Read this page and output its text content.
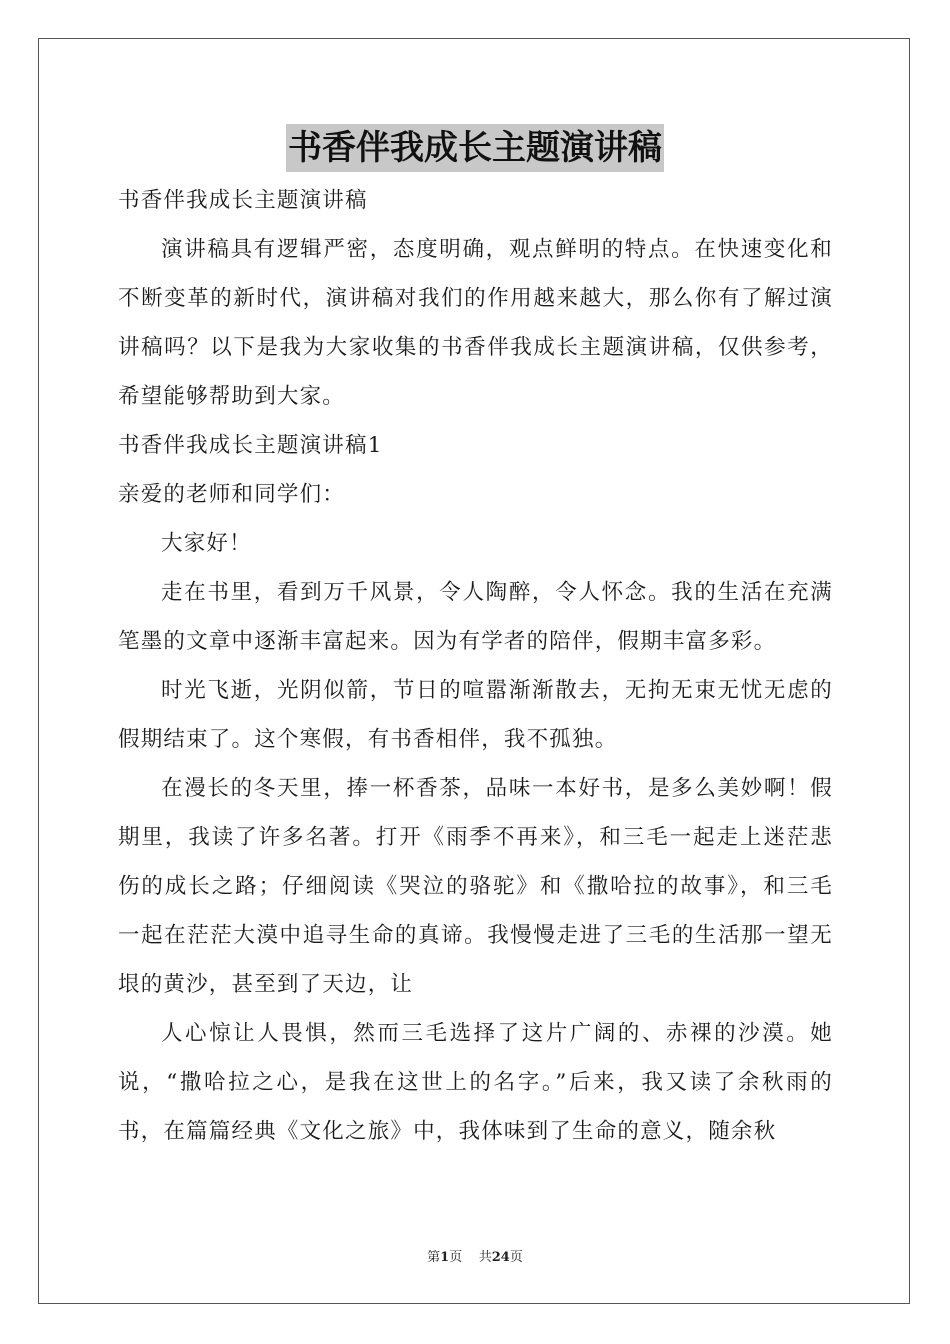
书香伴我成长主题演讲稿

书香伴我成长主题演讲稿

演讲稿具有逻辑严密，态度明确，观点鲜明的特点。在快速变化和不断变革的新时代，演讲稿对我们的作用越来越大，那么你有了解过演讲稿吗？以下是我为大家收集的书香伴我成长主题演讲稿，仅供参考，希望能够帮助到大家。

书香伴我成长主题演讲稿1

亲爱的老师和同学们：

大家好！

走在书里，看到万千风景，令人陶醉，令人怀念。我的生活在充满笔墨的文章中逐渐丰富起来。因为有学者的陪伴，假期丰富多彩。

时光飞逝，光阴似箭，节日的喧嚣渐渐散去，无拘无束无忧无虑的假期结束了。这个寒假，有书香相伴，我不孤独。

在漫长的冬天里，捧一杯香茶，品味一本好书，是多么美妙啊！假期里，我读了许多名著。打开《雨季不再来》，和三毛一起走上迷茫悲伤的成长之路；仔细阅读《哭泣的骆驼》和《撒哈拉的故事》，和三毛一起在茫茫大漠中追寻生命的真谛。我慢慢走进了三毛的生活那一望无垠的黄沙，甚至到了天边，让

人心惊让人畏惧，然而三毛选择了这片广阔的、赤裸的沙漠。她说，“撒哈拉之心，是我在这世上的名字。”后来，我又读了余秋雨的书，在篇篇经典《文化之旅》中，我体味到了生命的意义，随余秋

第1页 共24页
